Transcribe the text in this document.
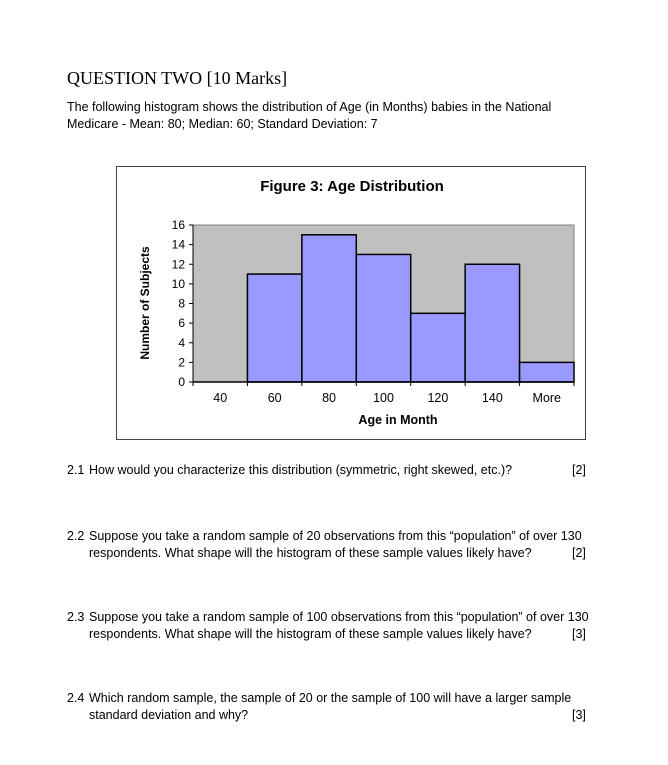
QUESTION TWO [10 Marks]
The following histogram shows the distribution of Age (in Months) babies in the National
Medicare - Mean: 80; Median: 60; Standard Deviation: 7
Figure 3: Age Distribution
0
2
4
6
8
10
12
14
16
40	60	80	100	120	140 More
Age in Month
Number of Subjects
2.1 How would you characterize this distribution (symmetric, right skewed, etc.)?	[2]
2.2 Suppose you take a random sample of 20 observations from this “population” of over 130
respondents. What shape will the histogram of these sample values likely have?	[2]
2.3 Suppose you take a random sample of 100 observations from this “population” of over 130
respondents. What shape will the histogram of these sample values likely have?	[3]
2.4 Which random sample, the sample of 20 or the sample of 100 will have a larger sample
standard deviation and why?	[3]
